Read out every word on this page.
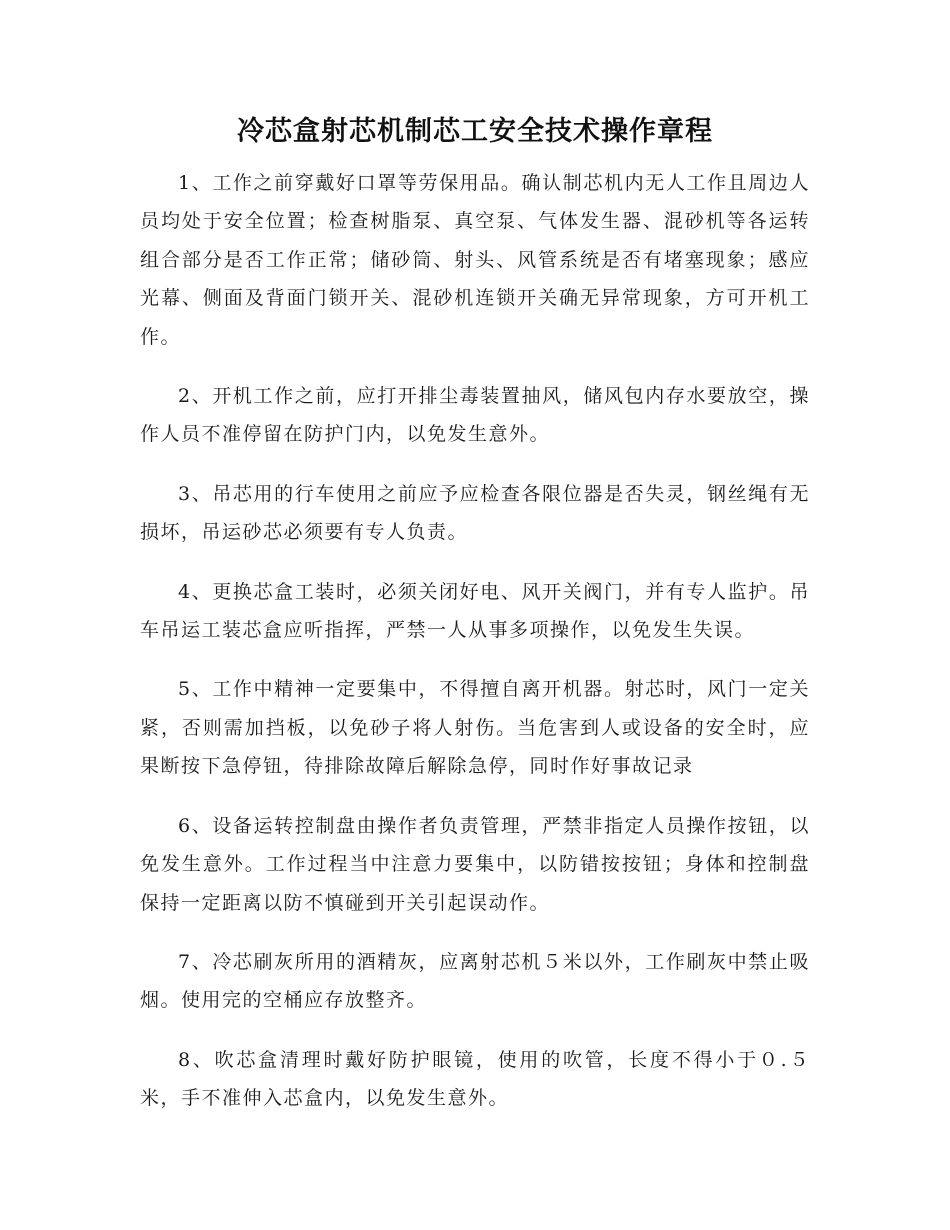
冷芯盒射芯机制芯工安全技术操作章程

1、工作之前穿戴好口罩等劳保用品。确认制芯机内无人工作且周边人员均处于安全位置；检查树脂泵、真空泵、气体发生器、混砂机等各运转组合部分是否工作正常；储砂筒、射头、风管系统是否有堵塞现象；感应光幕、侧面及背面门锁开关、混砂机连锁开关确无异常现象，方可开机工作。

2、开机工作之前，应打开排尘毒装置抽风，储风包内存水要放空，操作人员不准停留在防护门内，以免发生意外。

3、吊芯用的行车使用之前应予应检查各限位器是否失灵，钢丝绳有无损坏，吊运砂芯必须要有专人负责。

4、更换芯盒工装时，必须关闭好电、风开关阀门，并有专人监护。吊车吊运工装芯盒应听指挥，严禁一人从事多项操作，以免发生失误。

5、工作中精神一定要集中，不得擅自离开机器。射芯时，风门一定关紧，否则需加挡板，以免砂子将人射伤。当危害到人或设备的安全时，应果断按下急停钮，待排除故障后解除急停，同时作好事故记录

6、设备运转控制盘由操作者负责管理，严禁非指定人员操作按钮，以免发生意外。工作过程当中注意力要集中，以防错按按钮；身体和控制盘保持一定距离以防不慎碰到开关引起误动作。

7、冷芯刷灰所用的酒精灰，应离射芯机５米以外，工作刷灰中禁止吸烟。使用完的空桶应存放整齐。

8、吹芯盒清理时戴好防护眼镜，使用的吹管，长度不得小于０.５米，手不准伸入芯盒内，以免发生意外。
